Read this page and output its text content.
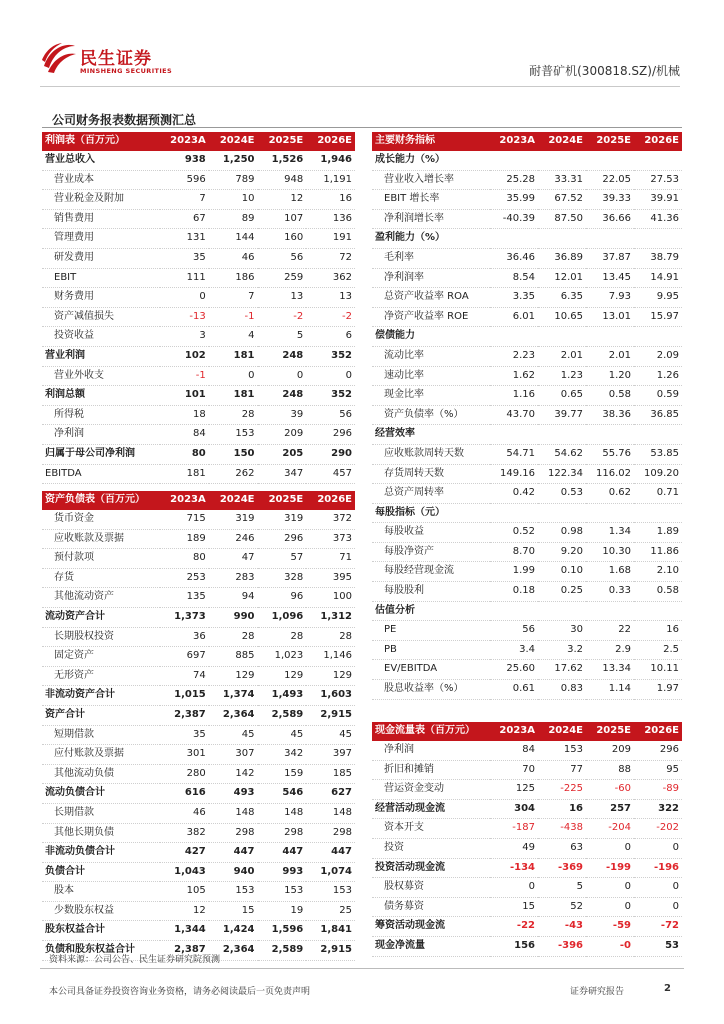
民生证券
MINSHENG SECURITIES	耐普矿机(300818.SZ)/机械
公司财务报表数据预测汇总
利润表（百万元）	2023A	2024E	2025E	2026E
营业总收入	938	1,250	1,526	1,946
营业成本	596	789	948	1,191
营业税金及附加	7	10	12	16
销售费用	67	89	107	136
管理费用	131	144	160	191
研发费用	35	46	56	72
EBIT	111	186	259	362
财务费用	0	7	13	13
资产减值损失	-13	-1	-2	-2
投资收益	3	4	5	6
营业利润	102	181	248	352
营业外收支	-1	0	0	0
利润总额	101	181	248	352
所得税	18	28	39	56
净利润	84	153	209	296
归属于母公司净利润	80	150	205	290
EBITDA	181	262	347	457
资产负债表（百万元）	2023A	2024E	2025E	2026E
货币资金	715	319	319	372
应收账款及票据	189	246	296	373
预付款项	80	47	57	71
存货	253	283	328	395
其他流动资产	135	94	96	100
流动资产合计	1,373	990	1,096	1,312
长期股权投资	36	28	28	28
固定资产	697	885	1,023	1,146
无形资产	74	129	129	129
非流动资产合计	1,015	1,374	1,493	1,603
资产合计	2,387	2,364	2,589	2,915
短期借款	35	45	45	45
应付账款及票据	301	307	342	397
其他流动负债	280	142	159	185
流动负债合计	616	493	546	627
长期借款	46	148	148	148
其他长期负债	382	298	298	298
非流动负债合计	427	447	447	447
负债合计	1,043	940	993	1,074
股本	105	153	153	153
少数股东权益	12	15	19	25
股东权益合计	1,344	1,424	1,596	1,841
负债和股东权益合计	2,387	2,364	2,589	2,915
主要财务指标	2023A	2024E	2025E	2026E
成长能力（%）				
营业收入增长率	25.28	33.31	22.05	27.53
EBIT 增长率	35.99	67.52	39.33	39.91
净利润增长率	-40.39	87.50	36.66	41.36
盈利能力（%）				
毛利率	36.46	36.89	37.87	38.79
净利润率	8.54	12.01	13.45	14.91
总资产收益率 ROA	3.35	6.35	7.93	9.95
净资产收益率 ROE	6.01	10.65	13.01	15.97
偿债能力				
流动比率	2.23	2.01	2.01	2.09
速动比率	1.62	1.23	1.20	1.26
现金比率	1.16	0.65	0.58	0.59
资产负债率（%）	43.70	39.77	38.36	36.85
经营效率				
应收账款周转天数	54.71	54.62	55.76	53.85
存货周转天数	149.16	122.34	116.02	109.20
总资产周转率	0.42	0.53	0.62	0.71
每股指标（元）				
每股收益	0.52	0.98	1.34	1.89
每股净资产	8.70	9.20	10.30	11.86
每股经营现金流	1.99	0.10	1.68	2.10
每股股利	0.18	0.25	0.33	0.58
估值分析				
PE	56	30	22	16
PB	3.4	3.2	2.9	2.5
EV/EBITDA	25.60	17.62	13.34	10.11
股息收益率（%）	0.61	0.83	1.14	1.97
现金流量表（百万元）	2023A	2024E	2025E	2026E
净利润	84	153	209	296
折旧和摊销	70	77	88	95
营运资金变动	125	-225	-60	-89
经营活动现金流	304	16	257	322
资本开支	-187	-438	-204	-202
投资	49	63	0	0
投资活动现金流	-134	-369	-199	-196
股权募资	0	5	0	0
债务募资	15	52	0	0
筹资活动现金流	-22	-43	-59	-72
现金净流量	156	-396	-0	53
资料来源：公司公告、民生证券研究院预测
本公司具备证券投资咨询业务资格，请务必阅读最后一页免责声明	证券研究报告	2
